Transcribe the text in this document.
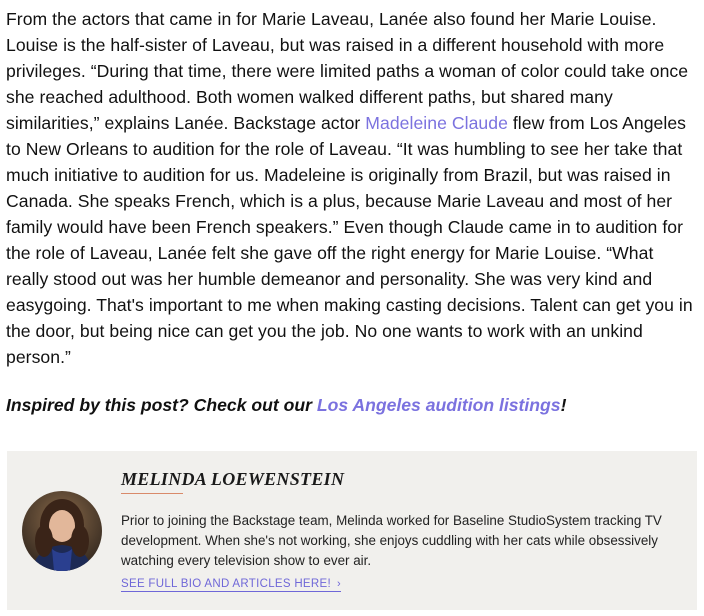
From the actors that came in for Marie Laveau, Lanée also found her Marie Louise. Louise is the half-sister of Laveau, but was raised in a different household with more privileges. “During that time, there were limited paths a woman of color could take once she reached adulthood. Both women walked different paths, but shared many similarities,” explains Lanée. Backstage actor Madeleine Claude flew from Los Angeles to New Orleans to audition for the role of Laveau. “It was humbling to see her take that much initiative to audition for us. Madeleine is originally from Brazil, but was raised in Canada. She speaks French, which is a plus, because Marie Laveau and most of her family would have been French speakers.” Even though Claude came in to audition for the role of Laveau, Lanée felt she gave off the right energy for Marie Louise. “What really stood out was her humble demeanor and personality. She was very kind and easygoing. That's important to me when making casting decisions. Talent can get you in the door, but being nice can get you the job. No one wants to work with an unkind person.”

Inspired by this post? Check out our Los Angeles audition listings!

MELINDA LOEWENSTEIN

Prior to joining the Backstage team, Melinda worked for Baseline StudioSystem tracking TV development. When she's not working, she enjoys cuddling with her cats while obsessively watching every television show to ever air.

SEE FULL BIO AND ARTICLES HERE! ›
